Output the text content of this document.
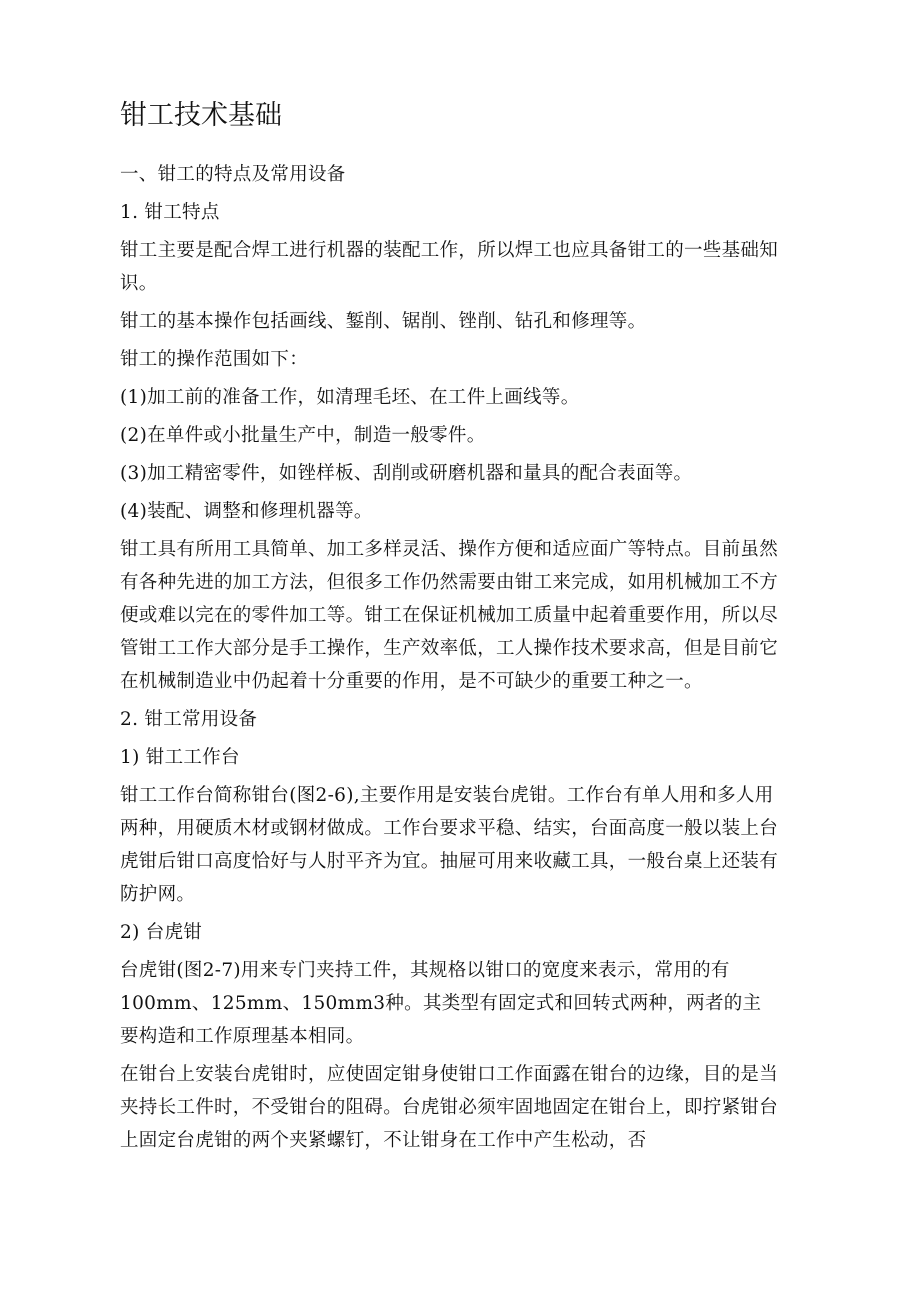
钳工技术基础

一、钳工的特点及常用设备

1. 钳工特点

钳工主要是配合焊工进行机器的装配工作，所以焊工也应具备钳工的一些基础知识。

钳工的基本操作包括画线、錾削、锯削、锉削、钻孔和修理等。

钳工的操作范围如下：

(1)加工前的准备工作，如清理毛坯、在工件上画线等。

(2)在单件或小批量生产中，制造一般零件。

(3)加工精密零件，如锉样板、刮削或研磨机器和量具的配合表面等。

(4)装配、调整和修理机器等。

钳工具有所用工具简单、加工多样灵活、操作方便和适应面广等特点。目前虽然有各种先进的加工方法，但很多工作仍然需要由钳工来完成，如用机械加工不方便或难以完在的零件加工等。钳工在保证机械加工质量中起着重要作用，所以尽管钳工工作大部分是手工操作，生产效率低，工人操作技术要求高，但是目前它在机械制造业中仍起着十分重要的作用，是不可缺少的重要工种之一。

2. 钳工常用设备

1) 钳工工作台

钳工工作台简称钳台(图2-6),主要作用是安装台虎钳。工作台有单人用和多人用两种，用硬质木材或钢材做成。工作台要求平稳、结实，台面高度一般以装上台虎钳后钳口高度恰好与人肘平齐为宜。抽屉可用来收藏工具，一般台桌上还装有防护网。

2) 台虎钳

台虎钳(图2-7)用来专门夹持工件，其规格以钳口的宽度来表示，常用的有100mm、125mm、150mm3种。其类型有固定式和回转式两种，两者的主要构造和工作原理基本相同。

在钳台上安装台虎钳时，应使固定钳身使钳口工作面露在钳台的边缘，目的是当夹持长工件时，不受钳台的阻碍。台虎钳必须牢固地固定在钳台上，即拧紧钳台上固定台虎钳的两个夹紧螺钉，不让钳身在工作中产生松动，否
